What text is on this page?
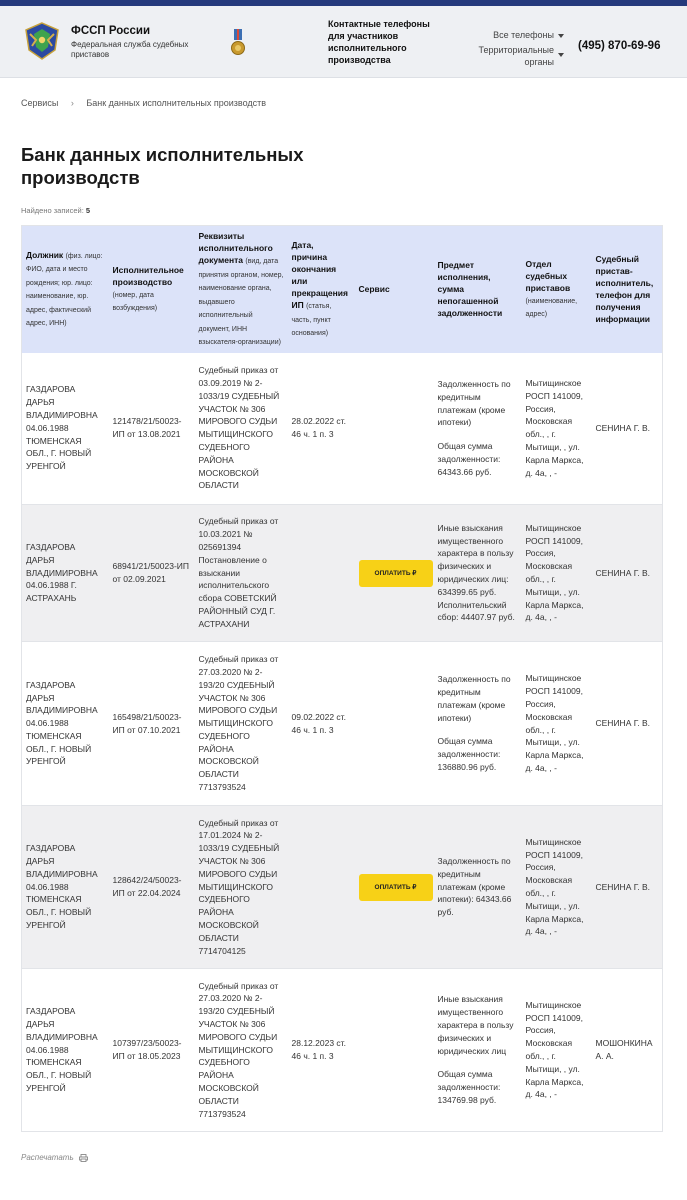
ФССП России
Федеральная служба судебных приставов
Контактные телефоны для участников исполнительного производства
Все телефоны
Территориальные органы
(495) 870-69-96
Сервисы › Банк данных исполнительных производств
Банк данных исполнительных производств
Найдено записей: 5
Должник (физ. лицо: ФИО, дата и место рождения; юр. лицо: наименование, юр. адрес, фактический адрес, ИНН)	Исполнительное производство (номер, дата возбуждения)	Реквизиты исполнительного документа (вид, дата принятия органом, номер, наименование органа, выдавшего исполнительный документ, ИНН взыскателя-организации)	Дата, причина окончания или прекращения ИП (статья, часть, пункт основания)	Сервис	Предмет исполнения, сумма непогашенной задолженности	Отдел судебных приставов (наименование, адрес)	Судебный пристав-исполнитель, телефон для получения информации
ГАЗДАРОВА ДАРЬЯ ВЛАДИМИРОВНА 04.06.1988 ТЮМЕНСКАЯ ОБЛ., Г. НОВЫЙ УРЕНГОЙ	121478/21/50023-ИП от 13.08.2021	Судебный приказ от 03.09.2019 № 2-1033/19 СУДЕБНЫЙ УЧАСТОК № 306 МИРОВОГО СУДЬИ МЫТИЩИНСКОГО СУДЕБНОГО РАЙОНА МОСКОВСКОЙ ОБЛАСТИ	28.02.2022 ст. 46 ч. 1 п. 3		Задолженность по кредитным платежам (кроме ипотеки)
Общая сумма задолженности: 64343.66 руб.	Мытищинское РОСП 141009, Россия, Московская обл., , г. Мытищи, , ул. Карла Маркса, д. 4а, , -	СЕНИНА Г. В.
ГАЗДАРОВА ДАРЬЯ ВЛАДИМИРОВНА 04.06.1988 Г. АСТРАХАНЬ	68941/21/50023-ИП от 02.09.2021	Судебный приказ от 10.03.2021 № 025691394 Постановление о взыскании исполнительского сбора СОВЕТСКИЙ РАЙОННЫЙ СУД Г. АСТРАХАНИ		ОПЛАТИТЬ ₽	Иные взыскания имущественного характера в пользу физических и юридических лиц: 634399.65 руб. Исполнительский сбор: 44407.97 руб.	Мытищинское РОСП 141009, Россия, Московская обл., , г. Мытищи, , ул. Карла Маркса, д. 4а, , -	СЕНИНА Г. В.
ГАЗДАРОВА ДАРЬЯ ВЛАДИМИРОВНА 04.06.1988 ТЮМЕНСКАЯ ОБЛ., Г. НОВЫЙ УРЕНГОЙ	165498/21/50023-ИП от 07.10.2021	Судебный приказ от 27.03.2020 № 2-193/20 СУДЕБНЫЙ УЧАСТОК № 306 МИРОВОГО СУДЬИ МЫТИЩИНСКОГО СУДЕБНОГО РАЙОНА МОСКОВСКОЙ ОБЛАСТИ 7713793524	09.02.2022 ст. 46 ч. 1 п. 3		Задолженность по кредитным платежам (кроме ипотеки)
Общая сумма задолженности: 136880.96 руб.	Мытищинское РОСП 141009, Россия, Московская обл., , г. Мытищи, , ул. Карла Маркса, д. 4а, , -	СЕНИНА Г. В.
ГАЗДАРОВА ДАРЬЯ ВЛАДИМИРОВНА 04.06.1988 ТЮМЕНСКАЯ ОБЛ., Г. НОВЫЙ УРЕНГОЙ	128642/24/50023-ИП от 22.04.2024	Судебный приказ от 17.01.2024 № 2-1033/19 СУДЕБНЫЙ УЧАСТОК № 306 МИРОВОГО СУДЬИ МЫТИЩИНСКОГО СУДЕБНОГО РАЙОНА МОСКОВСКОЙ ОБЛАСТИ 7714704125		ОПЛАТИТЬ ₽	Задолженность по кредитным платежам (кроме ипотеки): 64343.66 руб.	Мытищинское РОСП 141009, Россия, Московская обл., , г. Мытищи, , ул. Карла Маркса, д. 4а, , -	СЕНИНА Г. В.
ГАЗДАРОВА ДАРЬЯ ВЛАДИМИРОВНА 04.06.1988 ТЮМЕНСКАЯ ОБЛ., Г. НОВЫЙ УРЕНГОЙ	107397/23/50023-ИП от 18.05.2023	Судебный приказ от 27.03.2020 № 2-193/20 СУДЕБНЫЙ УЧАСТОК № 306 МИРОВОГО СУДЬИ МЫТИЩИНСКОГО СУДЕБНОГО РАЙОНА МОСКОВСКОЙ ОБЛАСТИ 7713793524	28.12.2023 ст. 46 ч. 1 п. 3		Иные взыскания имущественного характера в пользу физических и юридических лиц
Общая сумма задолженности: 134769.98 руб.	Мытищинское РОСП 141009, Россия, Московская обл., , г. Мытищи, , ул. Карла Маркса, д. 4а, , -	МОШОНКИНА А. А.
Распечатать
